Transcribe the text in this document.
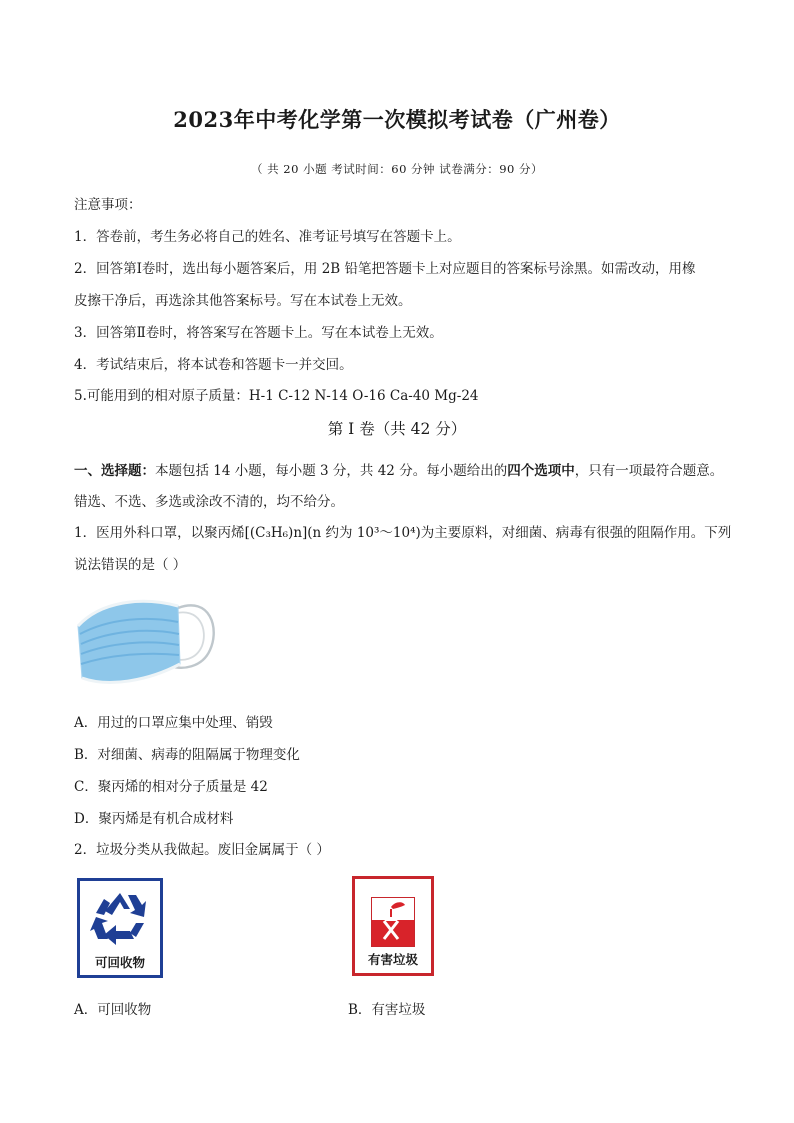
2023年中考化学第一次模拟考试卷（广州卷）
（ 共 20 小题 考试时间：60 分钟 试卷满分：90 分）
注意事项：
1．答卷前，考生务必将自己的姓名、准考证号填写在答题卡上。
2．回答第Ⅰ卷时，选出每小题答案后，用 2B 铅笔把答题卡上对应题目的答案标号涂黑。如需改动，用橡
皮擦干净后，再选涂其他答案标号。写在本试卷上无效。
3．回答第Ⅱ卷时，将答案写在答题卡上。写在本试卷上无效。
4．考试结束后，将本试卷和答题卡一并交回。
5.可能用到的相对原子质量：H-1 C-12 N-14 O-16 Ca-40 Mg-24
第 I 卷（共 42 分）
一、选择题：本题包括 14 小题，每小题 3 分，共 42 分。每小题给出的四个选项中，只有一项最符合题意。
错选、不选、多选或涂改不清的，均不给分。
1．医用外科口罩，以聚丙烯[(C₃H₆)n](n 约为 10³～10⁴)为主要原料，对细菌、病毒有很强的阻隔作用。下列
说法错误的是（ ）
A．用过的口罩应集中处理、销毁
B．对细菌、病毒的阻隔属于物理变化
C．聚丙烯的相对分子质量是 42
D．聚丙烯是有机合成材料
2．垃圾分类从我做起。废旧金属属于（ ）
可回收物	有害垃圾
A．可回收物	B．有害垃圾
